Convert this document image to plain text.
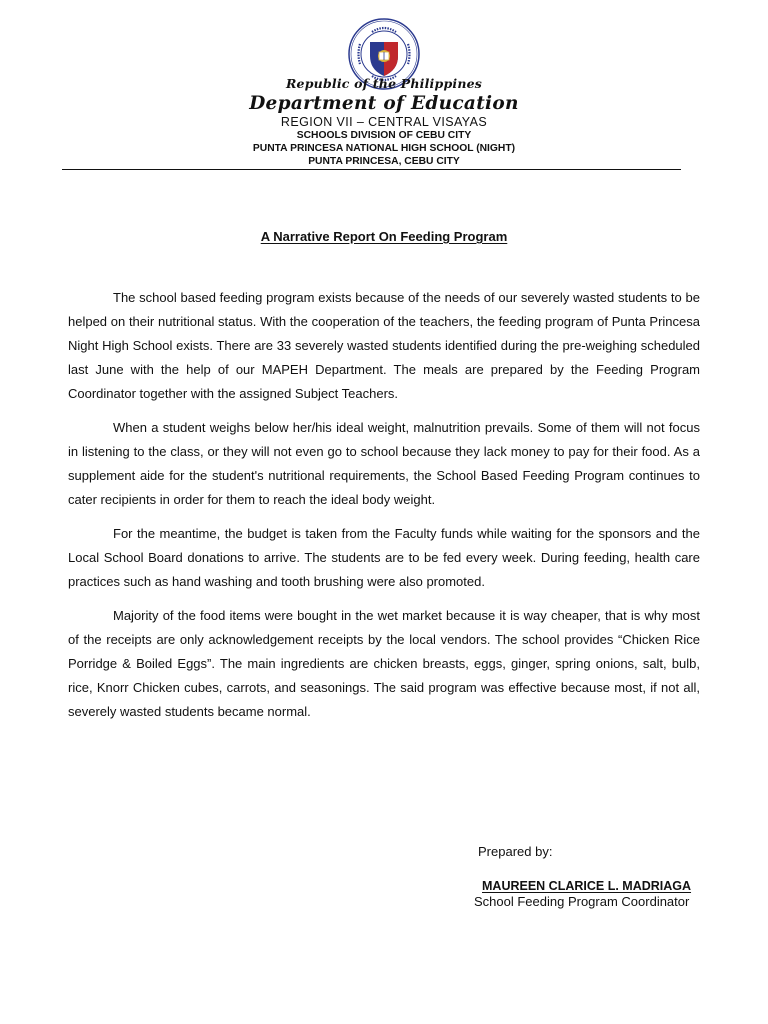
Republic of the Philippines
Department of Education
REGION VII – CENTRAL VISAYAS
SCHOOLS DIVISION OF CEBU CITY
PUNTA PRINCESA NATIONAL HIGH SCHOOL (NIGHT)
PUNTA PRINCESA, CEBU CITY
A Narrative Report On Feeding Program

The school based feeding program exists because of the needs of our severely wasted students to be helped on their nutritional status. With the cooperation of the teachers, the feeding program of Punta Princesa Night High School exists. There are 33 severely wasted students identified during the pre-weighing scheduled last June with the help of our MAPEH Department. The meals are prepared by the Feeding Program Coordinator together with the assigned Subject Teachers.

When a student weighs below her/his ideal weight, malnutrition prevails. Some of them will not focus in listening to the class, or they will not even go to school because they lack money to pay for their food. As a supplement aide for the student's nutritional requirements, the School Based Feeding Program continues to cater recipients in order for them to reach the ideal body weight.

For the meantime, the budget is taken from the Faculty funds while waiting for the sponsors and the Local School Board donations to arrive. The students are to be fed every week. During feeding, health care practices such as hand washing and tooth brushing were also promoted.

Majority of the food items were bought in the wet market because it is way cheaper, that is why most of the receipts are only acknowledgement receipts by the local vendors. The school provides “Chicken Rice Porridge & Boiled Eggs”. The main ingredients are chicken breasts, eggs, ginger, spring onions, salt, bulb, rice, Knorr Chicken cubes, carrots, and seasonings. The said program was effective because most, if not all, severely wasted students became normal.

Prepared by:
MAUREEN CLARICE L. MADRIAGA
School Feeding Program Coordinator
